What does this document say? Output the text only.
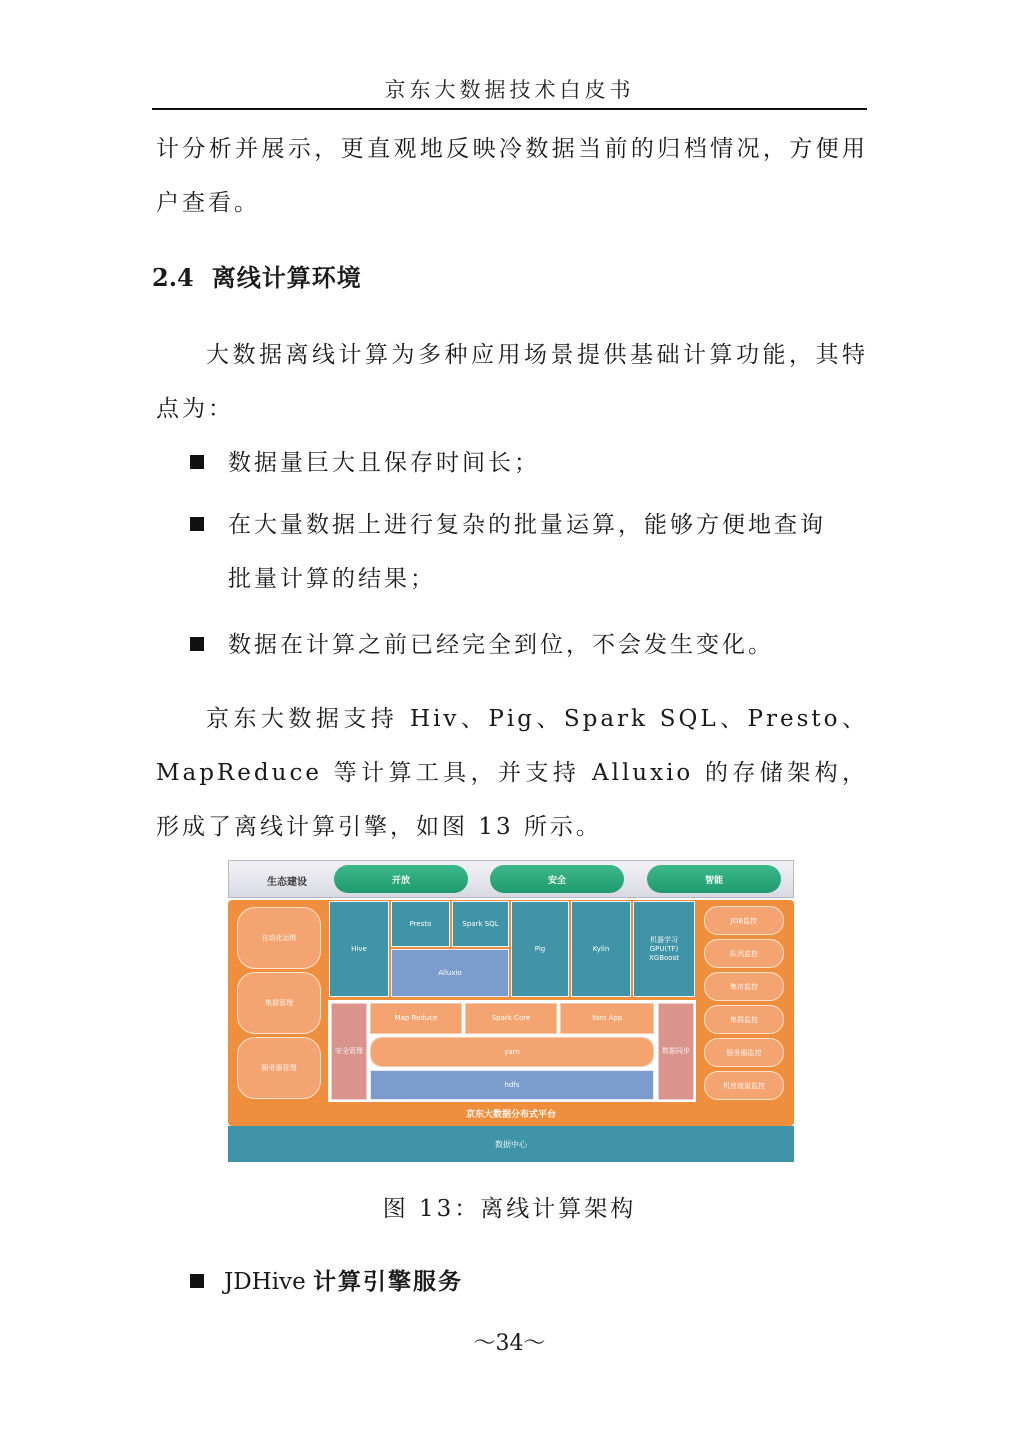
京东大数据技术白皮书

计分析并展示，更直观地反映冷数据当前的归档情况，方便用户查看。

2.4 离线计算环境

大数据离线计算为多种应用场景提供基础计算功能，其特点为：

数据量巨大且保存时间长；
在大量数据上进行复杂的批量运算，能够方便地查询批量计算的结果；
数据在计算之前已经完全到位，不会发生变化。

京东大数据支持 Hiv、Pig、Spark SQL、Presto、MapReduce 等计算工具，并支持 Alluxio 的存储架构，形成了离线计算引擎，如图 13 所示。

生态建设	开放	安全	智能
自动化运维
集群管理
服务器管理
JOB监控
队列监控
集市监控
集群监控
服务器监控
机房流量监控
Hive
Presto	Spark SQL
Alluxio
Pig	Kylin
机器学习 GPU(TF) XGBoost
安全管理
Map Reduce	Spark Core	Yarn App
yarn
hdfs
数据同步
京东大数据分布式平台
数据中心
图 13：离线计算架构
JDHive 计算引擎服务
～34～
